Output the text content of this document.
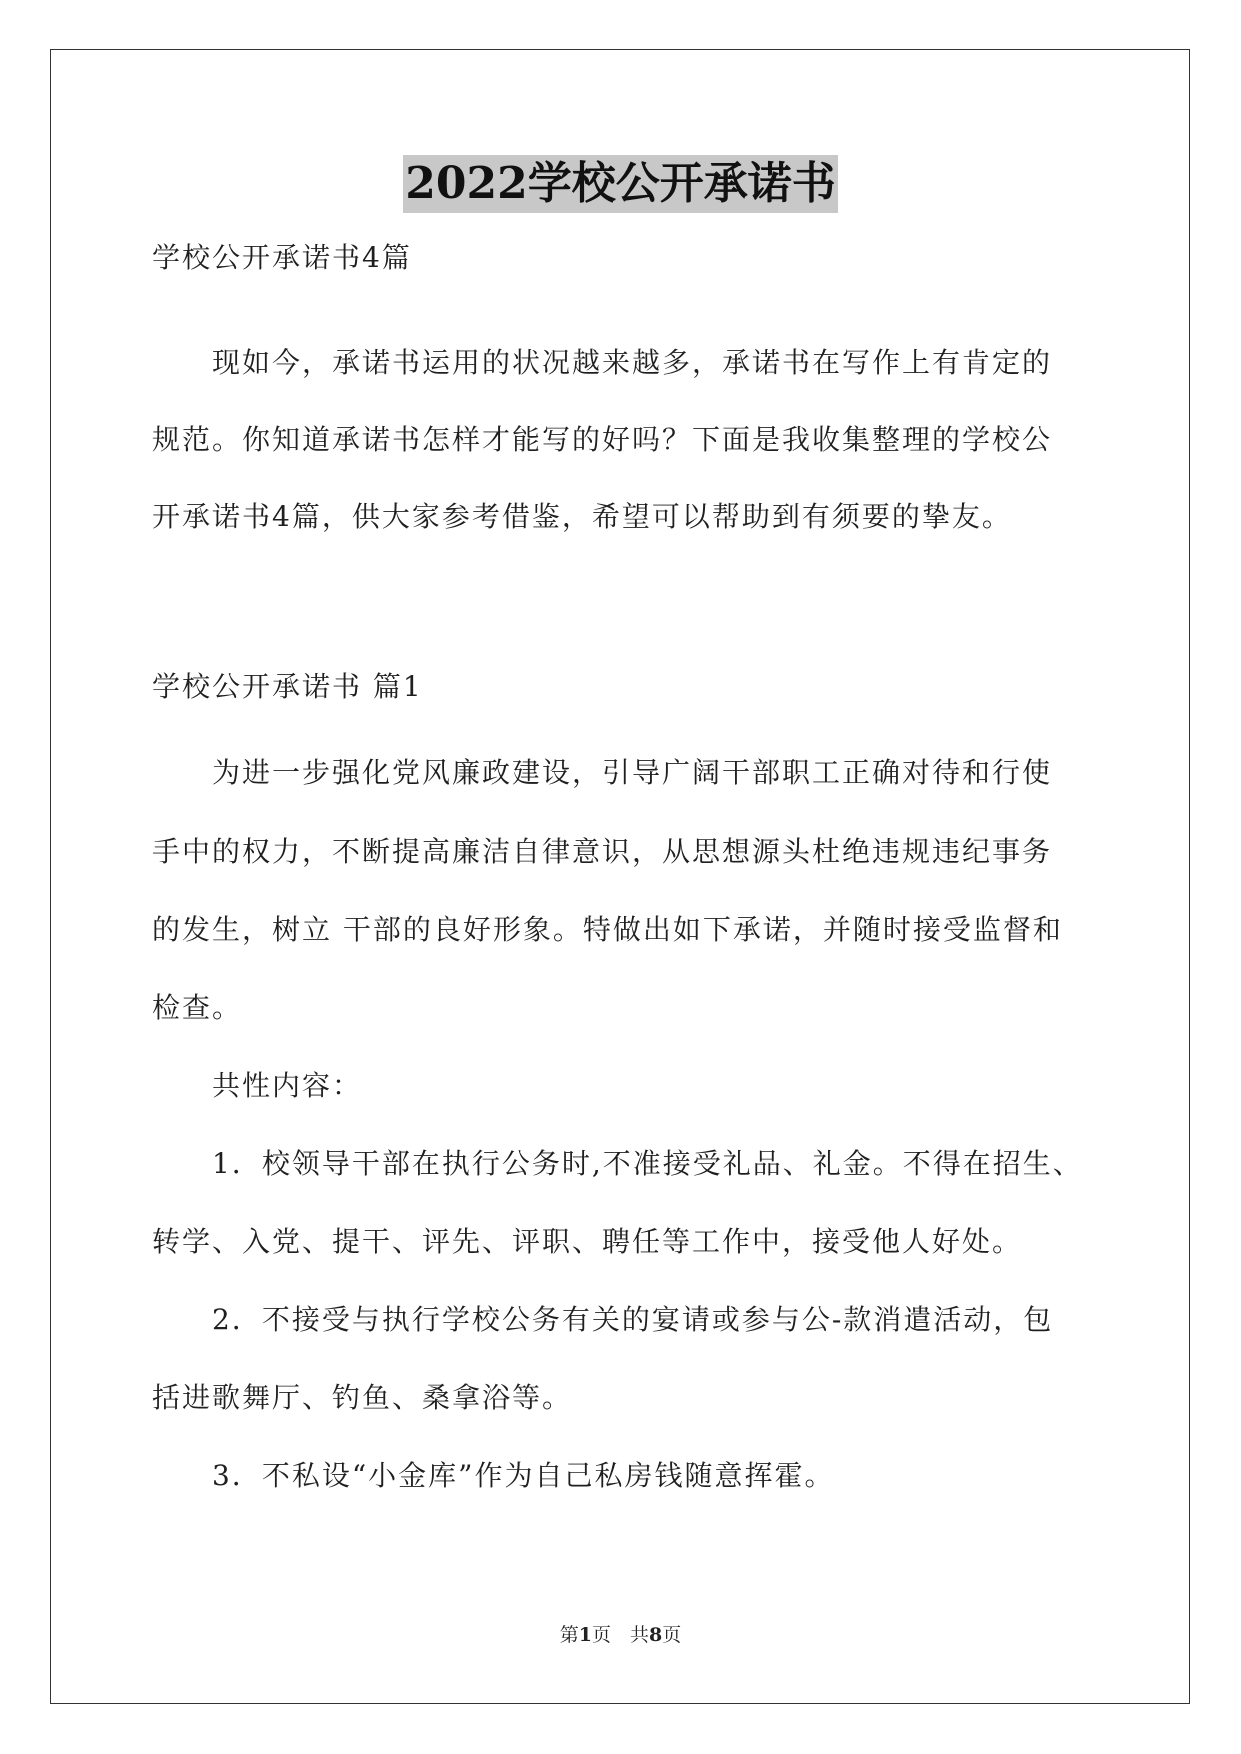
2022学校公开承诺书
学校公开承诺书4篇
现如今，承诺书运用的状况越来越多，承诺书在写作上有肯定的
规范。你知道承诺书怎样才能写的好吗？下面是我收集整理的学校公
开承诺书4篇，供大家参考借鉴，希望可以帮助到有须要的挚友。
学校公开承诺书 篇1
为进一步强化党风廉政建设，引导广阔干部职工正确对待和行使
手中的权力，不断提高廉洁自律意识，从思想源头杜绝违规违纪事务
的发生，树立 干部的良好形象。特做出如下承诺，并随时接受监督和
检查。
共性内容：
1．校领导干部在执行公务时,不准接受礼品、礼金。不得在招生、
转学、入党、提干、评先、评职、聘任等工作中，接受他人好处。
2．不接受与执行学校公务有关的宴请或参与公-款消遣活动，包
括进歌舞厅、钓鱼、桑拿浴等。
3．不私设“小金库”作为自己私房钱随意挥霍。
第1页　共8页
